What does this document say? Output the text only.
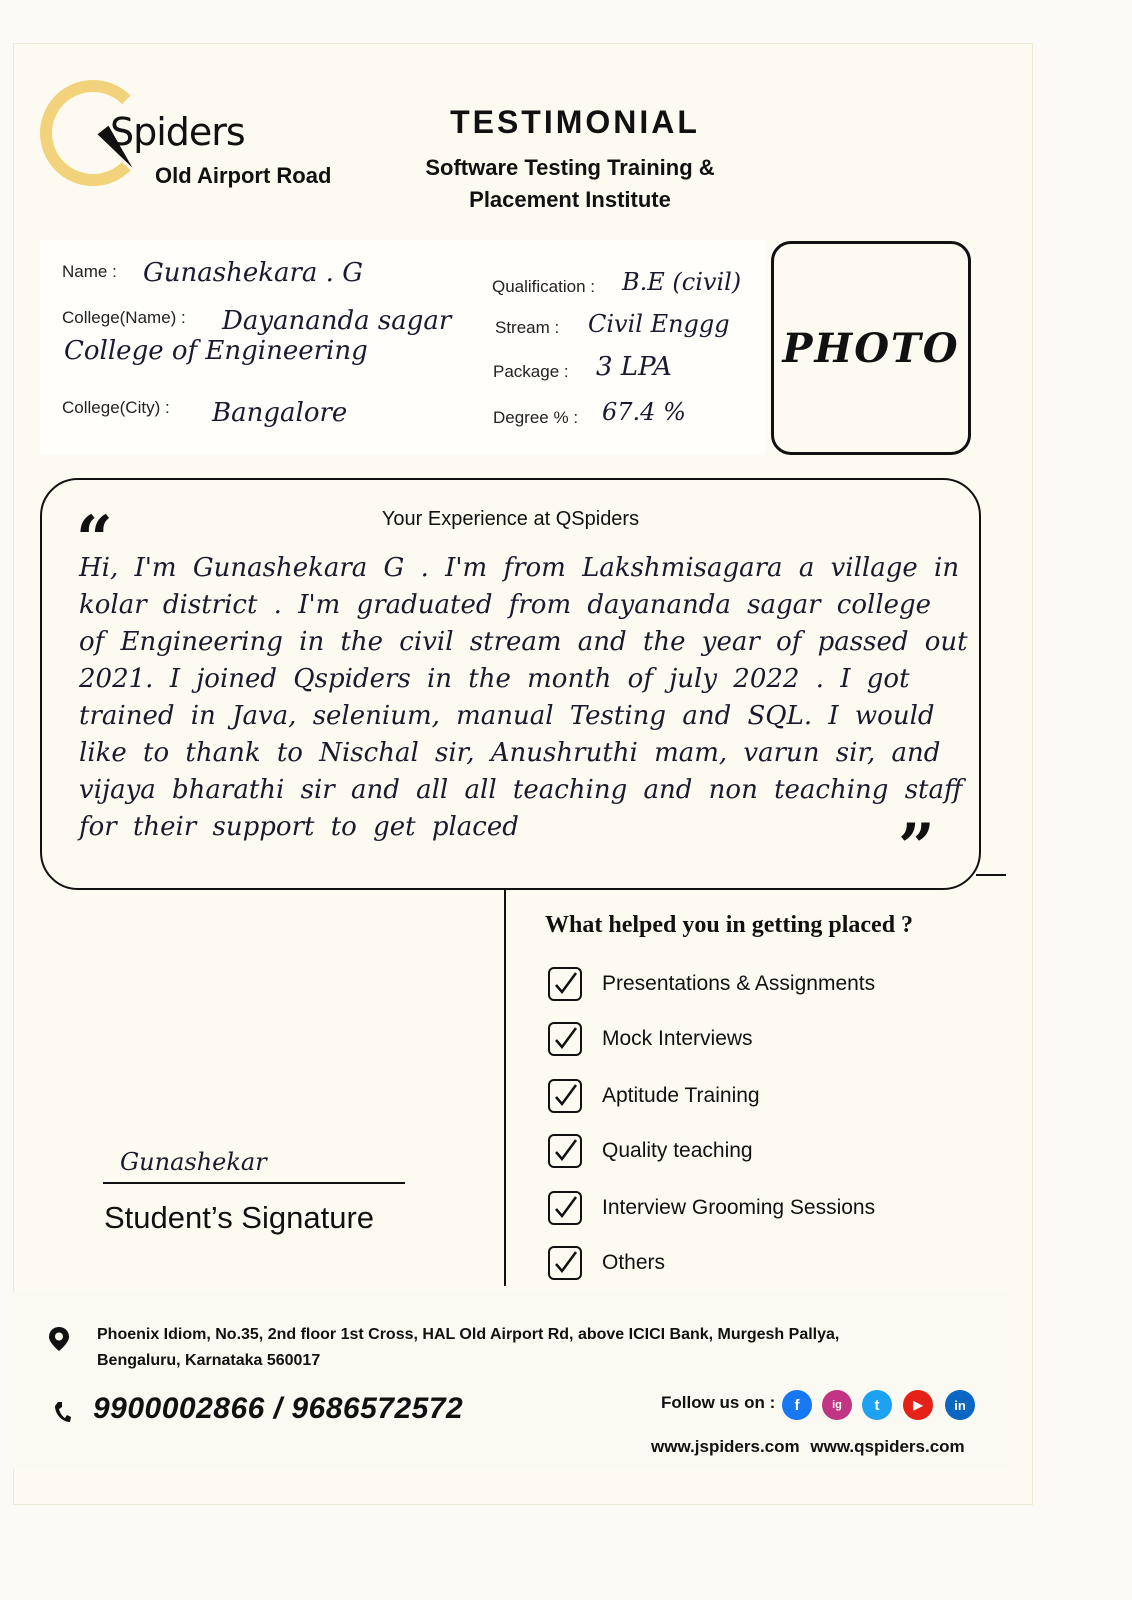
Spiders
Old Airport Road
TESTIMONIAL
Software Testing Training &
Placement Institute
Name : Gunashekara . G
College(Name) : Dayananda sagar
College of Engineering
College(City) : Bangalore
Qualification : B.E (civil)
Stream : Civil Enggg
Package : 3 LPA
Degree % : 67.4 %
PHOTO
Your Experience at QSpiders
“
Hi, I'm Gunashekara G . I'm from Lakshmisagara a village in kolar district . I'm graduated from dayananda sagar college of Engineering in the civil stream and the year of passed out 2021. I joined Qspiders in the month of july 2022 . I got trained in Java, selenium, manual Testing and SQL. I would like to thank to Nischal sir, Anushruthi mam, varun sir, and vijaya bharathi sir and all all teaching and non teaching staff for their support to get placed	”
What helped you in getting placed ?
Presentations & Assignments
Mock Interviews
Aptitude Training
Quality teaching
Interview Grooming Sessions
Others
Gunashekar
Student’s Signature
Phoenix Idiom, No.35, 2nd floor 1st Cross, HAL Old Airport Rd, above ICICI Bank, Murgesh Pallya,
Bengaluru, Karnataka 560017
9900002866 / 9686572572	Follow us on :	f	ig	t	▶	in
www.jspiders.com www.qspiders.com
